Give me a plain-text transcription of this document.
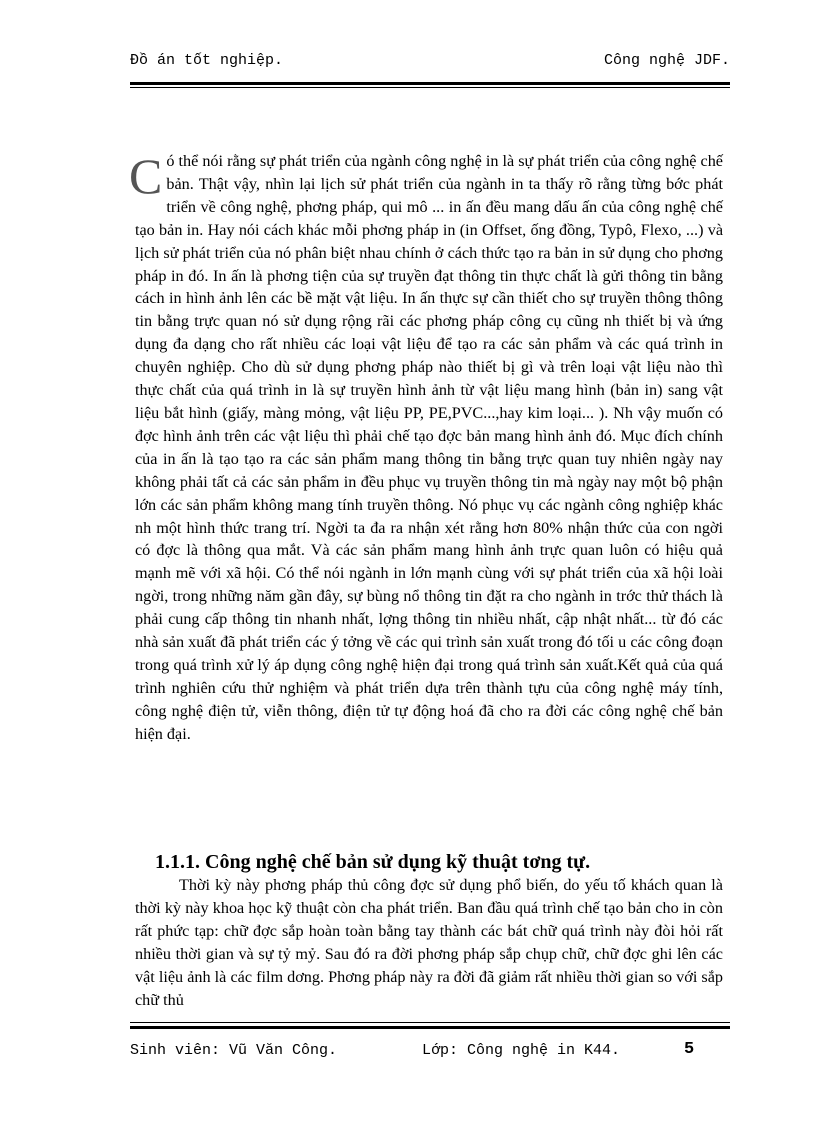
Đồ án tốt nghiệp.	Công nghệ JDF.
C ó thể nói rằng sự phát triển của ngành công nghệ in là sự phát triển của công nghệ chế bản. Thật vậy, nhìn lại lịch sử phát triển của ngành in ta thấy rõ rằng từng bớc phát triển về công nghệ, phơng pháp, qui mô ... in ấn đều mang dấu ấn của công nghệ chế tạo bản in. Hay nói cách khác mỗi phơng pháp in (in Offset, ống đồng, Typô, Flexo, ...) và lịch sử phát triển của nó phân biệt nhau chính ở cách thức tạo ra bản in sử dụng cho phơng pháp in đó. In ấn là phơng tiện của sự truyền đạt thông tin thực chất là gửi thông tin bằng cách in hình ảnh lên các bề mặt vật liệu. In ấn thực sự cần thiết cho sự truyền thông thông tin bằng trực quan nó sử dụng rộng rãi các phơng pháp công cụ cũng nh thiết bị và ứng dụng đa dạng cho rất nhiều các loại vật liệu để tạo ra các sản phẩm và các quá trình in chuyên nghiệp. Cho dù sử dụng phơng pháp nào thiết bị gì và trên loại vật liệu nào thì thực chất của quá trình in là sự truyền hình ảnh từ vật liệu mang hình (bản in) sang vật liệu bắt hình (giấy, màng mỏng, vật liệu PP, PE,PVC...,hay kim loại... ). Nh vậy muốn có đợc hình ảnh trên các vật liệu thì phải chế tạo đợc bản mang hình ảnh đó. Mục đích chính của in ấn là tạo tạo ra các sản phẩm mang thông tin bằng trực quan tuy nhiên ngày nay không phải tất cả các sản phẩm in đều phục vụ truyền thông tin mà ngày nay một bộ phận lớn các sản phẩm không mang tính truyền thông. Nó phục vụ các ngành công nghiệp khác nh một hình thức trang trí. Ngời ta đa ra nhận xét rằng hơn 80% nhận thức của con ngời có đợc là thông qua mắt. Và các sản phẩm mang hình ảnh trực quan luôn có hiệu quả mạnh mẽ với xã hội. Có thể nói ngành in lớn mạnh cùng với sự phát triển của xã hội loài ngời, trong những năm gần đây, sự bùng nổ thông tin đặt ra cho ngành in trớc thử thách là phải cung cấp thông tin nhanh nhất, lợng thông tin nhiều nhất, cập nhật nhất... từ đó các nhà sản xuất đã phát triển các ý tởng về các qui trình sản xuất trong đó tối u các công đoạn trong quá trình xử lý áp dụng công nghệ hiện đại trong quá trình sản xuất.Kết quả của quá trình nghiên cứu thử nghiệm và phát triển dựa trên thành tựu của công nghệ máy tính, công nghệ điện tử, viễn thông, điện tử tự động hoá đã cho ra đời các công nghệ chế bản hiện đại.

1.1.1. Công nghệ chế bản sử dụng kỹ thuật tơng tự.

Thời kỳ này phơng pháp thủ công đợc sử dụng phổ biến, do yếu tố khách quan là thời kỳ này khoa học kỹ thuật còn cha phát triển. Ban đầu quá trình chế tạo bản cho in còn rất phức tạp: chữ đợc sắp hoàn toàn bằng tay thành các bát chữ quá trình này đòi hỏi rất nhiều thời gian và sự tỷ mỷ. Sau đó ra đời phơng pháp sắp chụp chữ, chữ đợc ghi lên các vật liệu ảnh là các film dơng. Phơng pháp này ra đời đã giảm rất nhiều thời gian so với sắp chữ thủ

Sinh viên: Vũ Văn Công.	Lớp: Công nghệ in K44.	5
